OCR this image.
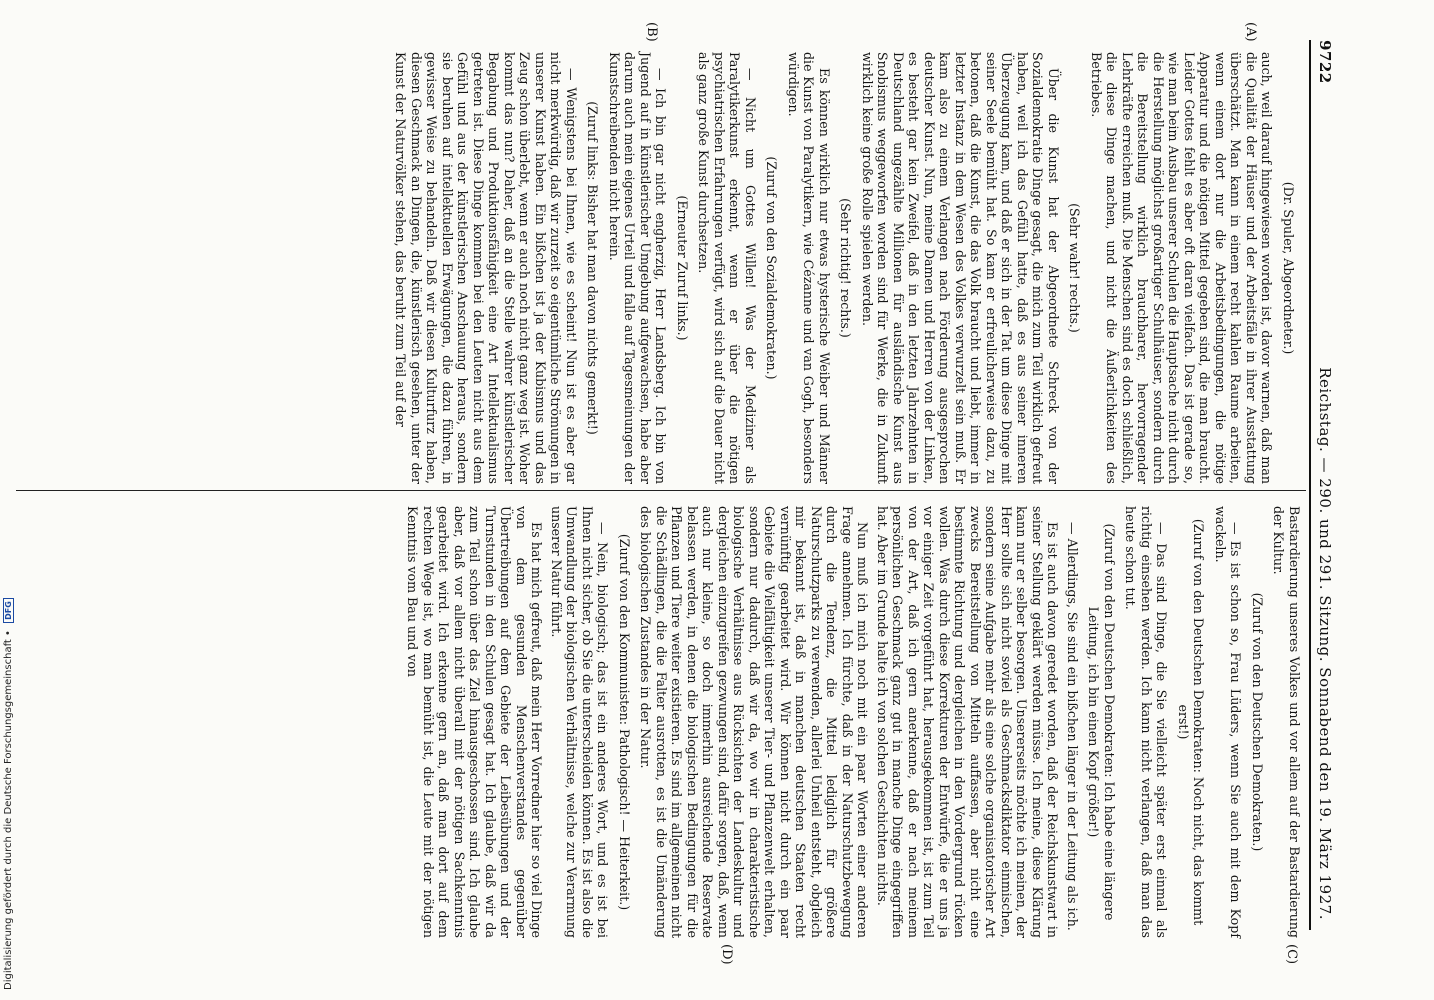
9722
Reichstag. — 290. und 291. Sitzung. Sonnabend den 19. März 1927.
(A)
(B)
(C)
(D)

(Dr. Spuler, Abgeordneter.)

auch, weil darauf hingewiesen worden ist, davor warnen, daß man die Qualität der Häuser und der Arbeitsfäle in ihrer Ausstattung überschätzt. Man kann in einem recht kahlen Raume arbeiten, wenn einem dort nur die Arbeitsbedingungen, die nötige Apparatur und die nötigen Mittel gegeben sind, die man braucht. Leider Gottes fehlt es aber oft daran vielfach. Das ist gerade so, wie man beim Ausbau unserer Schulen die Hauptsache nicht durch die Herstellung möglichst großartiger Schulhäuser, sondern durch die Bereitstellung wirklich brauchbarer, hervorragender Lehrkräfte erreichen muß. Die Menschen sind es doch schließlich, die diese Dinge machen, und nicht die Äußerlichkeiten des Betriebes.

(Sehr wahr! rechts.)

Über die Kunst hat der Abgeordnete Schreck von der Sozialdemokratie Dinge gesagt, die mich zum Teil wirklich gefreut haben, weil ich das Gefühl hatte, daß es aus seiner inneren Überzeugung kam, und daß er sich in der Tat um diese Dinge mit seiner Seele bemüht hat. So kam er erfreulicherweise dazu, zu betonen, daß die Kunst, die das Volk braucht und liebt, immer in letzter Instanz in dem Wesen des Volkes verwurzelt sein muß. Er kam also zu einem Verlangen nach Förderung ausgesprochen deutscher Kunst. Nun, meine Damen und Herren von der Linken, es besteht gar kein Zweifel, daß in den letzten Jahrzehnten in Deutschland ungezählte Millionen für ausländische Kunst aus Snobismus weggeworfen worden sind für Werke, die in Zukunft wirklich keine große Rolle spielen werden.

(Sehr richtig! rechts.)

Es können wirklich nur etwas hysterische Weiber und Männer die Kunst von Paralytikern, wie Cézanne und van Gogh, besonders würdigen.

(Zuruf von den Sozialdemokraten.)

— Nicht um Gottes Willen! Was der Mediziner als Paralytikerkunst erkennt, wenn er über die nötigen psychiatrischen Erfahrungen verfügt, wird sich auf die Dauer nicht als ganz große Kunst durchsetzen.

(Erneuter Zuruf links.)

— Ich bin gar nicht engherzig, Herr Landsberg. Ich bin von Jugend auf in künstlerischer Umgebung aufgewachsen, habe aber darum auch mein eigenes Urteil und falle auf Tagesmeinungen der Kunstschreibenden nicht herein.

(Zuruf links: Bisher hat man davon nichts gemerkt!)

— Wenigstens bei Ihnen, wie es scheint! Nun ist es aber gar nicht merkwürdig, daß wir zurzeit so eigentümliche Strömungen in unserer Kunst haben. Ein bißchen ist ja der Kubismus und das Zeug schon überlebt, wenn er auch noch nicht ganz weg ist. Woher kommt das nun? Daher, daß an die Stelle wahrer künstlerischer Begabung und Produktionsfähigkeit eine Art Intellektualismus getreten ist. Diese Dinge kommen bei den Leuten nicht aus dem Gefühl und aus der künstlerischen Anschauung heraus, sondern sie beruhen auf intellektuellen Erwägungen, die dazu führen, in gewisser Weise zu behandeln. Daß wir diesen Kulturfurz haben, diesen Geschmack an Dingen, die, künstlerisch gesehen, unter der Kunst der Naturvölker stehen, das beruht zum Teil auf der

Bastardierung unseres Volkes und vor allem auf der Bastardierung der Kultur.

(Zuruf von den Deutschen Demokraten.)

— Es ist schon so, Frau Lüders, wenn Sie auch mit dem Kopf wackeln.

(Zuruf von den Deutschen Demokraten: Noch nicht, das kommt erst!)

— Das sind Dinge, die Sie vielleicht später erst einmal als richtig einsehen werden. Ich kann nicht verlangen, daß man das heute schon tut.

(Zuruf von den Deutschen Demokraten: Ich habe eine längere Leitung, ich bin einen Kopf größer!)

— Allerdings, Sie sind ein bißchen länger in der Leitung als ich.

Es ist auch davon geredet worden, daß der Reichskunstwart in seiner Stellung geklärt werden müsse. Ich meine, diese Klärung kann nur er selber besorgen. Unsererseits möchte ich meinen, der Herr sollte sich nicht soviel als Geschmacksdiktator einmischen, sondern seine Aufgabe mehr als eine solche organisatorischer Art zwecks Bereitstellung von Mitteln auffassen, aber nicht eine bestimmte Richtung und dergleichen in den Vordergrund rücken wollen. Was durch diese Korrekturen der Entwürfe, die er uns ja vor einiger Zeit vorgeführt hat, herausgekommen ist, ist zum Teil von der Art, daß ich gern anerkenne, daß er nach meinem persönlichen Geschmack ganz gut in manche Dinge eingegriffen hat. Aber im Grunde halte ich von solchen Geschichten nichts.

Nun muß ich mich noch mit ein paar Worten einer anderen Frage annehmen. Ich fürchte, daß in der Naturschutzbewegung durch die Tendenz, die Mittel lediglich für größere Naturschutzparks zu verwenden, allerlei Unheil entsteht, obgleich mir bekannt ist, daß in manchen deutschen Staaten recht vernünftig gearbeitet wird. Wir können nicht durch ein paar Gebiete die Vielfältigkeit unserer Tier- und Pflanzenwelt erhalten, sondern nur dadurch, daß wir da, wo wir in charakteristische biologische Verhältnisse aus Rücksichten der Landeskultur und dergleichen einzugreifen gezwungen sind, dafür sorgen, daß, wenn auch nur kleine, so doch immerhin ausreichende Reservate belassen werden, in denen die biologischen Bedingungen für die Pflanzen und Tiere weiter existieren. Es sind im allgemeinen nicht die Schädlingen, die die Falter ausrotten, es ist die Umänderung des biologischen Zustandes in der Natur.

(Zuruf von den Kommunisten: Pathologisch! — Heiterkeit.)

— Nein, biologisch; das ist ein anderes Wort, und es ist bei Ihnen nicht sicher, ob Sie die unterscheiden können. Es ist also die Umwandlung der biologischen Verhältnisse, welche zur Verarmung unserer Natur führt.

Es hat mich gefreut, daß mein Herr Vorredner hier so viel Dinge von dem gesunden Menschenverstandes gegenüber Übertreibungen auf dem Gebiete der Leibesübungen und der Turnstunden in den Schulen gesagt hat. Ich glaube, daß wir da zum Teil schon über das Ziel hinausgeschossen sind. Ich glaube aber, daß vor allem nicht überall mit der nötigen Sachkenntnis gearbeitet wird. Ich erkenne gern an, daß man dort auf dem rechten Wege ist, wo man bemüht ist, die Leute mit der nötigen Kenntnis vom Bau und von

Digitalisierung gefördert durch die Deutsche Forschungsgemeinschaft • DFG
